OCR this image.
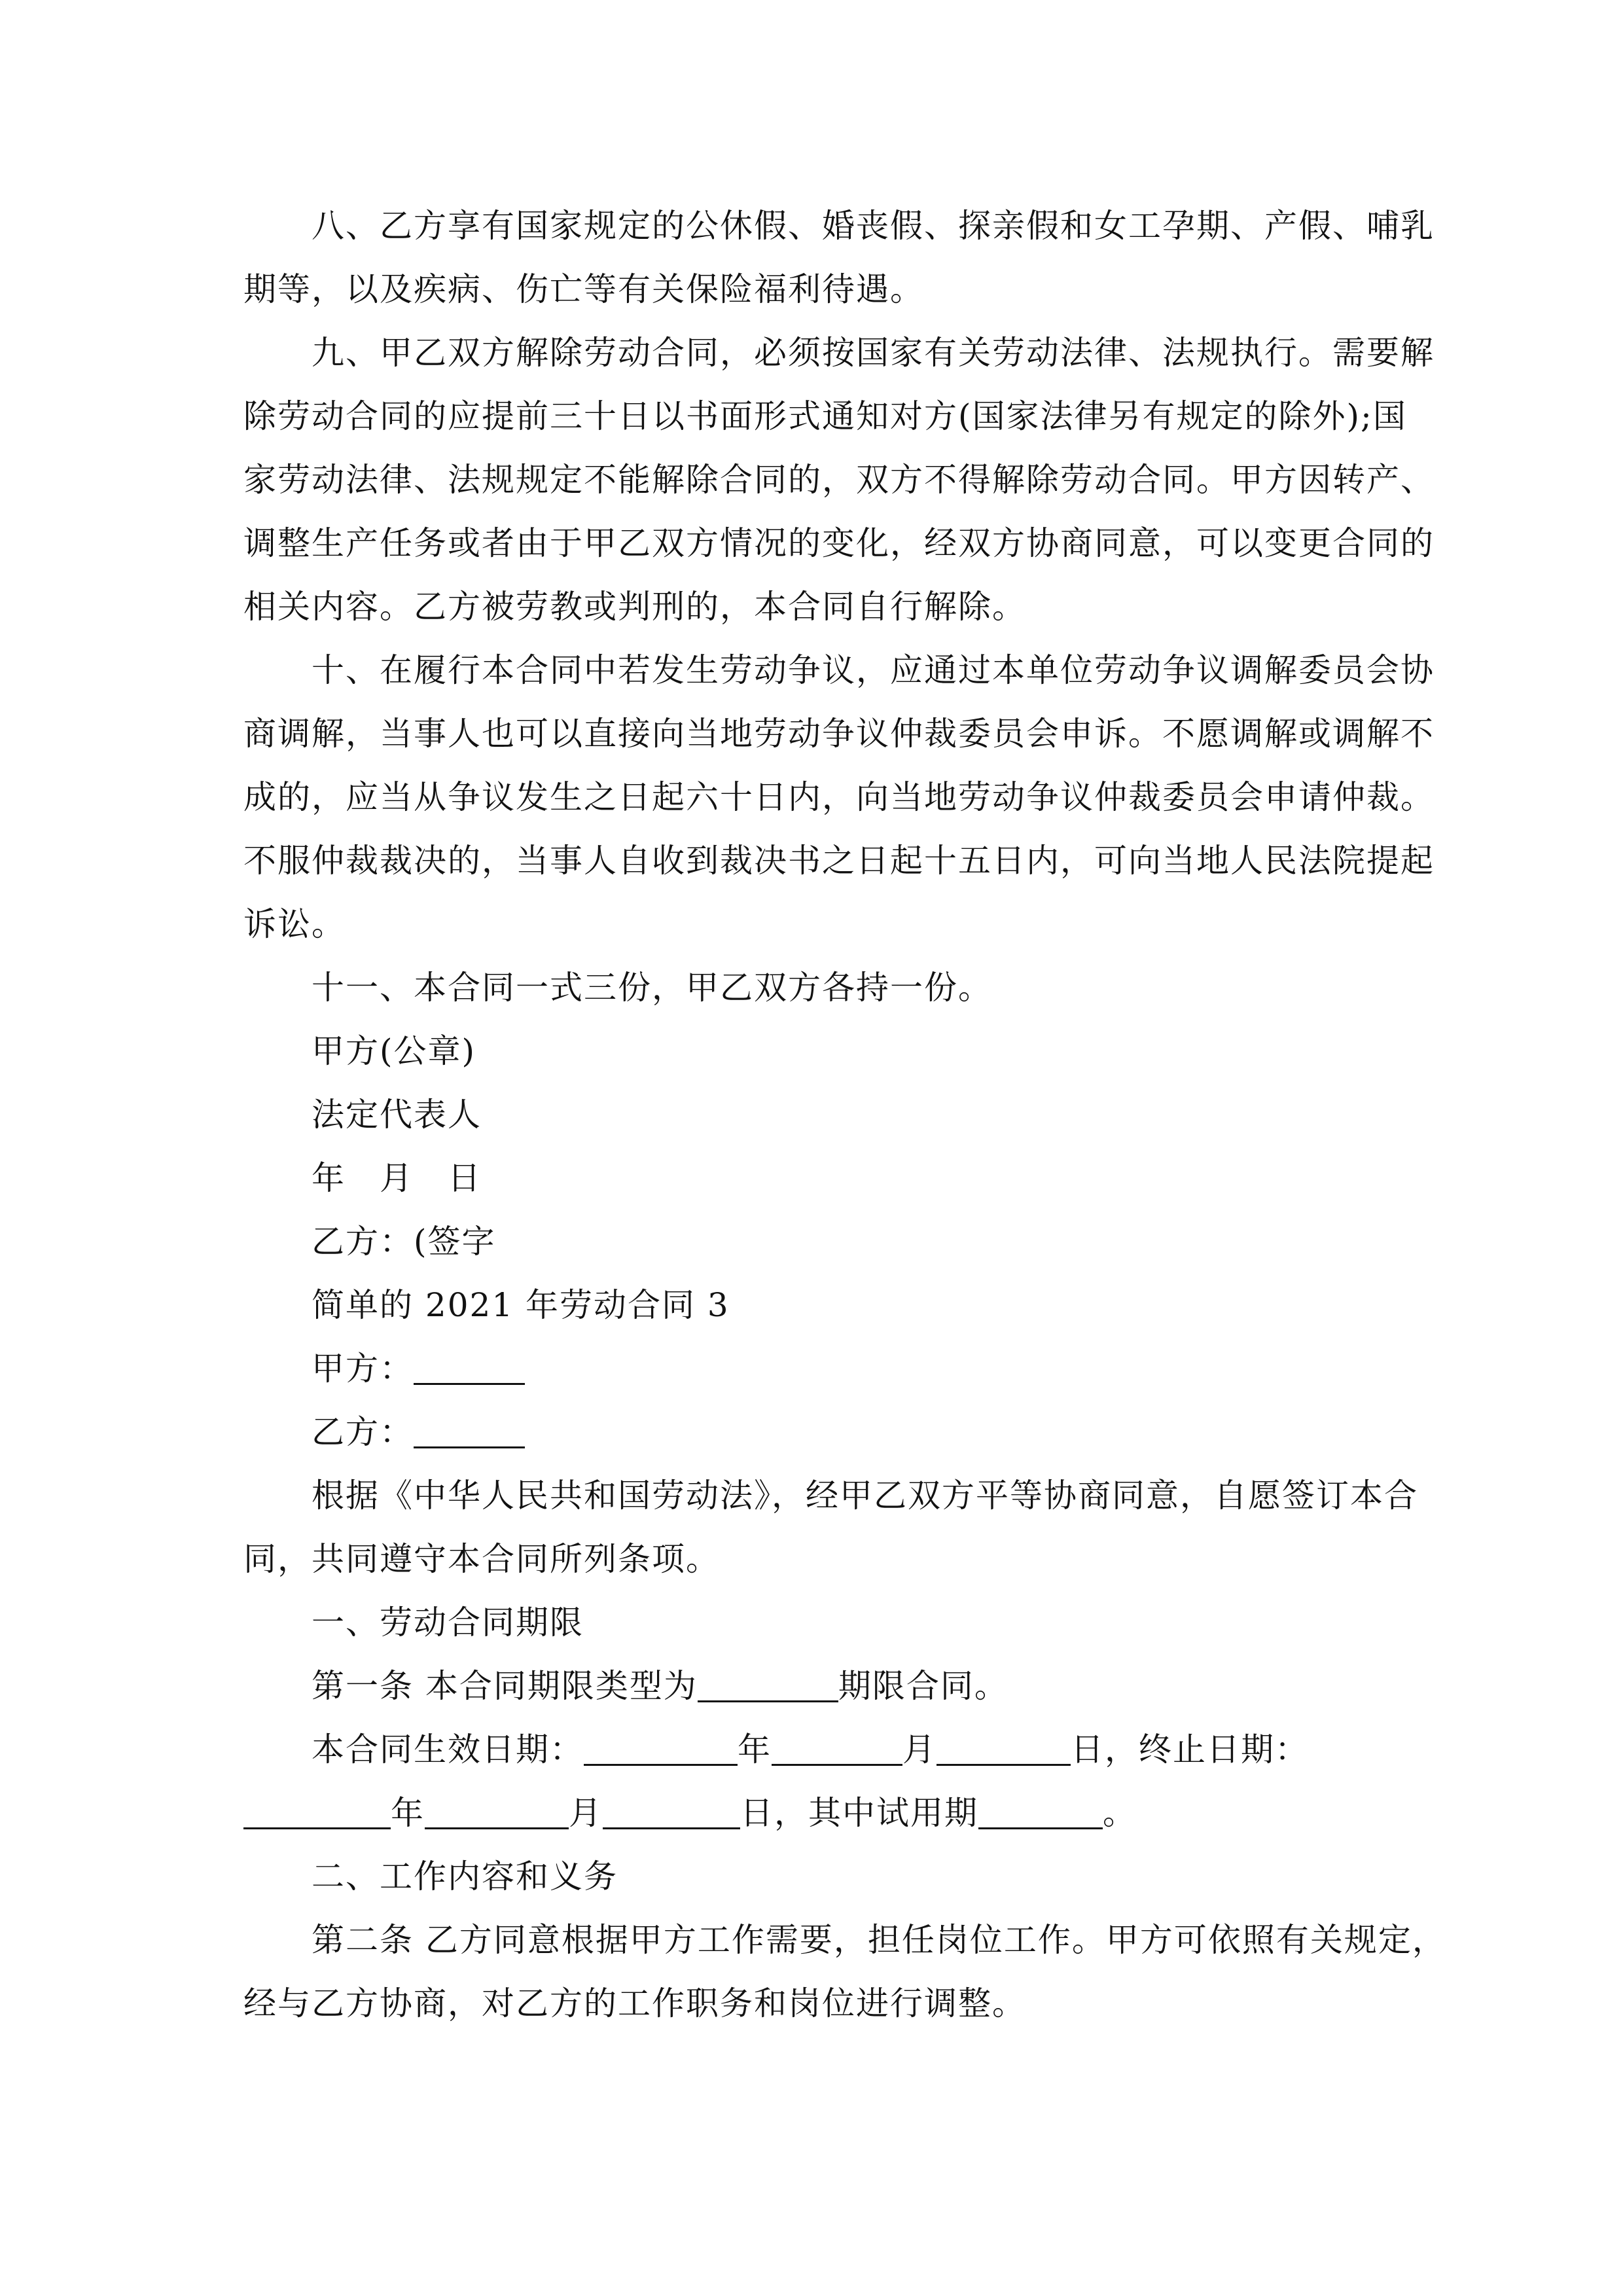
八、乙方享有国家规定的公休假、婚丧假、探亲假和女工孕期、产假、哺乳
期等，以及疾病、伤亡等有关保险福利待遇。
九、甲乙双方解除劳动合同，必须按国家有关劳动法律、法规执行。需要解
除劳动合同的应提前三十日以书面形式通知对方(国家法律另有规定的除外);国
家劳动法律、法规规定不能解除合同的，双方不得解除劳动合同。甲方因转产、
调整生产任务或者由于甲乙双方情况的变化，经双方协商同意，可以变更合同的
相关内容。乙方被劳教或判刑的，本合同自行解除。
十、在履行本合同中若发生劳动争议，应通过本单位劳动争议调解委员会协
商调解，当事人也可以直接向当地劳动争议仲裁委员会申诉。不愿调解或调解不
成的，应当从争议发生之日起六十日内，向当地劳动争议仲裁委员会申请仲裁。
不服仲裁裁决的，当事人自收到裁决书之日起十五日内，可向当地人民法院提起
诉讼。
十一、本合同一式三份，甲乙双方各持一份。
甲方(公章)
法定代表人
年　月　日
乙方：(签字
简单的 2021 年劳动合同 3
甲方：
乙方：
根据《中华人民共和国劳动法》，经甲乙双方平等协商同意，自愿签订本合
同，共同遵守本合同所列条项。
一、劳动合同期限
第一条 本合同期限类型为	期限合同。
本合同生效日期：	年	月	日，终止日期：
年	月	日，其中试用期	。
二、工作内容和义务
第二条 乙方同意根据甲方工作需要，担任岗位工作。甲方可依照有关规定，
经与乙方协商，对乙方的工作职务和岗位进行调整。
